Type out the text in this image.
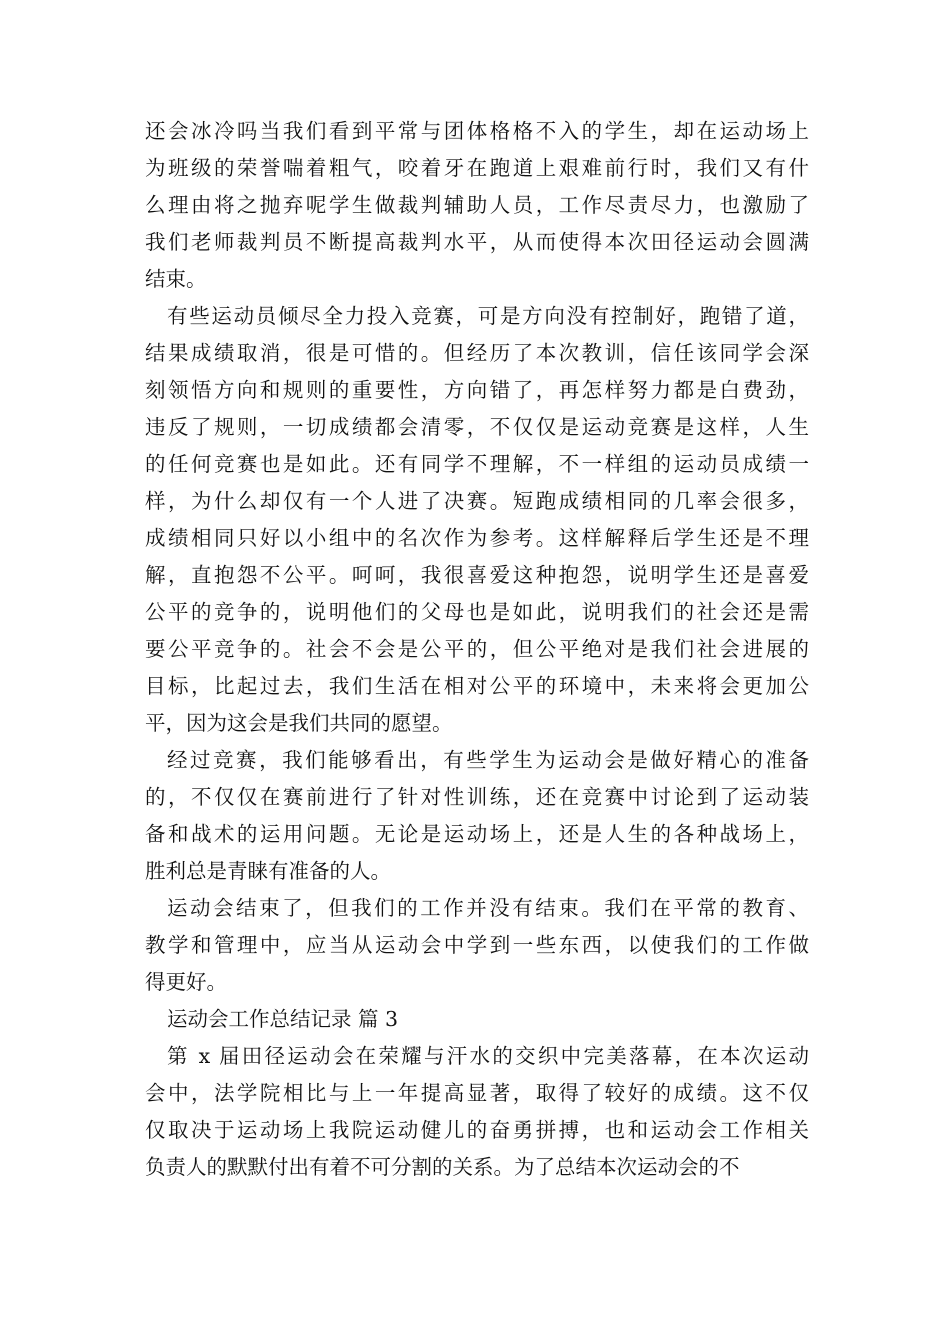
还会冰冷吗当我们看到平常与团体格格不入的学生，却在运动场上
为班级的荣誉喘着粗气，咬着牙在跑道上艰难前行时，我们又有什
么理由将之抛弃呢学生做裁判辅助人员，工作尽责尽力，也激励了
我们老师裁判员不断提高裁判水平，从而使得本次田径运动会圆满
结束。
有些运动员倾尽全力投入竞赛，可是方向没有控制好，跑错了道，
结果成绩取消，很是可惜的。但经历了本次教训，信任该同学会深
刻领悟方向和规则的重要性，方向错了，再怎样努力都是白费劲，
违反了规则，一切成绩都会清零，不仅仅是运动竞赛是这样，人生
的任何竞赛也是如此。还有同学不理解，不一样组的运动员成绩一
样，为什么却仅有一个人进了决赛。短跑成绩相同的几率会很多，
成绩相同只好以小组中的名次作为参考。这样解释后学生还是不理
解，直抱怨不公平。呵呵，我很喜爱这种抱怨，说明学生还是喜爱
公平的竞争的，说明他们的父母也是如此，说明我们的社会还是需
要公平竞争的。社会不会是公平的，但公平绝对是我们社会进展的
目标，比起过去，我们生活在相对公平的环境中，未来将会更加公
平，因为这会是我们共同的愿望。
经过竞赛，我们能够看出，有些学生为运动会是做好精心的准备
的，不仅仅在赛前进行了针对性训练，还在竞赛中讨论到了运动装
备和战术的运用问题。无论是运动场上，还是人生的各种战场上，
胜利总是青睐有准备的人。
运动会结束了，但我们的工作并没有结束。我们在平常的教育、
教学和管理中，应当从运动会中学到一些东西，以使我们的工作做
得更好。
运动会工作总结记录 篇 3
第 x 届田径运动会在荣耀与汗水的交织中完美落幕，在本次运动
会中，法学院相比与上一年提高显著，取得了较好的成绩。这不仅
仅取决于运动场上我院运动健儿的奋勇拼搏，也和运动会工作相关
负责人的默默付出有着不可分割的关系。为了总结本次运动会的不
